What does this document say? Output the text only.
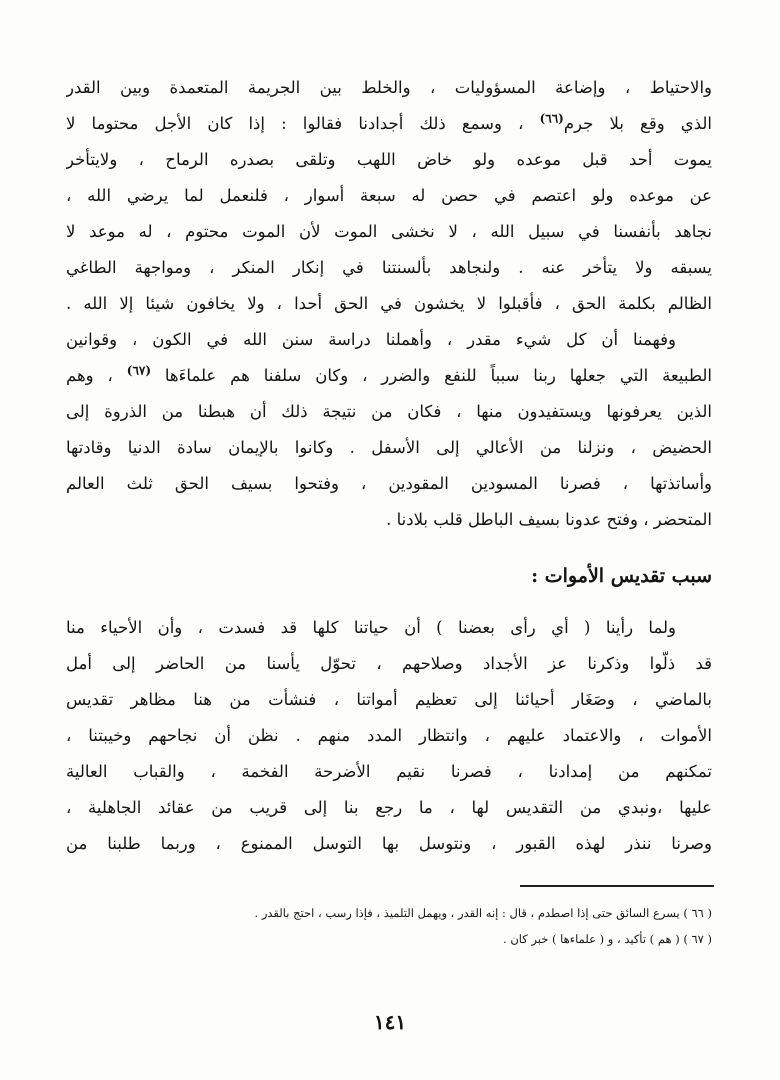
والاحتياط ، وإضاعة المسؤوليات ، والخلط بين الجريمة المتعمدة وبين القدر
الذي وقع بلا جرم$^{(٦٦)}$ ، وسمع ذلك أجدادنا فقالوا : إذا كان الأجل محتوما لا
يموت أحد قبل موعده ولو خاض اللهب وتلقى بصدره الرماح ، ولايتأخر
عن موعده ولو اعتصم في حصن له سبعة أسوار ، فلنعمل لما يرضي الله ،
نجاهد بأنفسنا في سبيل الله ، لا نخشى الموت لأن الموت محتوم ، له موعد لا
يسبقه ولا يتأخر عنه . ولنجاهد بألسنتنا في إنكار المنكر ، ومواجهة الطاغي
الظالم بكلمة الحق ، فأقبلوا لا يخشون في الحق أحدا ، ولا يخافون شيئا إلا الله .
وفهمنا أن كل شيء مقدر ، وأهملنا دراسة سنن الله في الكون ، وقوانين
الطبيعة التي جعلها ربنا سبباً للنفع والضرر ، وكان سلفنا هم علماءَها $^{(٦٧)}$ ، وهم
الذين يعرفونها ويستفيدون منها ، فكان من نتيجة ذلك أن هبطنا من الذروة إلى
الحضيض ، ونزلنا من الأعالي إلى الأسفل . وكانوا بالإيمان سادة الدنيا وقادتها
وأساتذتها ، فصرنا المسودين المقودين ، وفتحوا بسيف الحق ثلث العالم
المتحضر ، وفتح عدونا بسيف الباطل قلب بلادنا .
سبب تقديس الأموات :
ولما رأينا ( أي رأى بعضنا ) أن حياتنا كلها قد فسدت ، وأن الأحياء منا
قد ذلّوا وذكرنا عز الأجداد وصلاحهم ، تحوّل يأسنا من الحاضر إلى أمل
بالماضي ، وصَغَار أحيائنا إلى تعظيم أمواتنا ، فنشأت من هنا مظاهر تقديس
الأموات ، والاعتماد عليهم ، وانتظار المدد منهم . نظن أن نجاحهم وخيبتنا ،
تمكنهم من إمدادنا ، فصرنا نقيم الأضرحة الفخمة ، والقباب العالية
عليها ،ونبدي من التقديس لها ، ما رجع بنا إلى قريب من عقائد الجاهلية ،
وصرنا ننذر لهذه القبور ، ونتوسل بها التوسل الممنوع ، وربما طلبنا من
( ٦٦ ) يسرع السائق حتى إذا اصطدم ، قال : إنه القدر ، ويهمل التلميذ ، فإذا رسب ، احتج بالقدر .
( ٦٧ ) ( هم ) تأكيد ، و ( علماءها ) خبر كان .
١٤١
